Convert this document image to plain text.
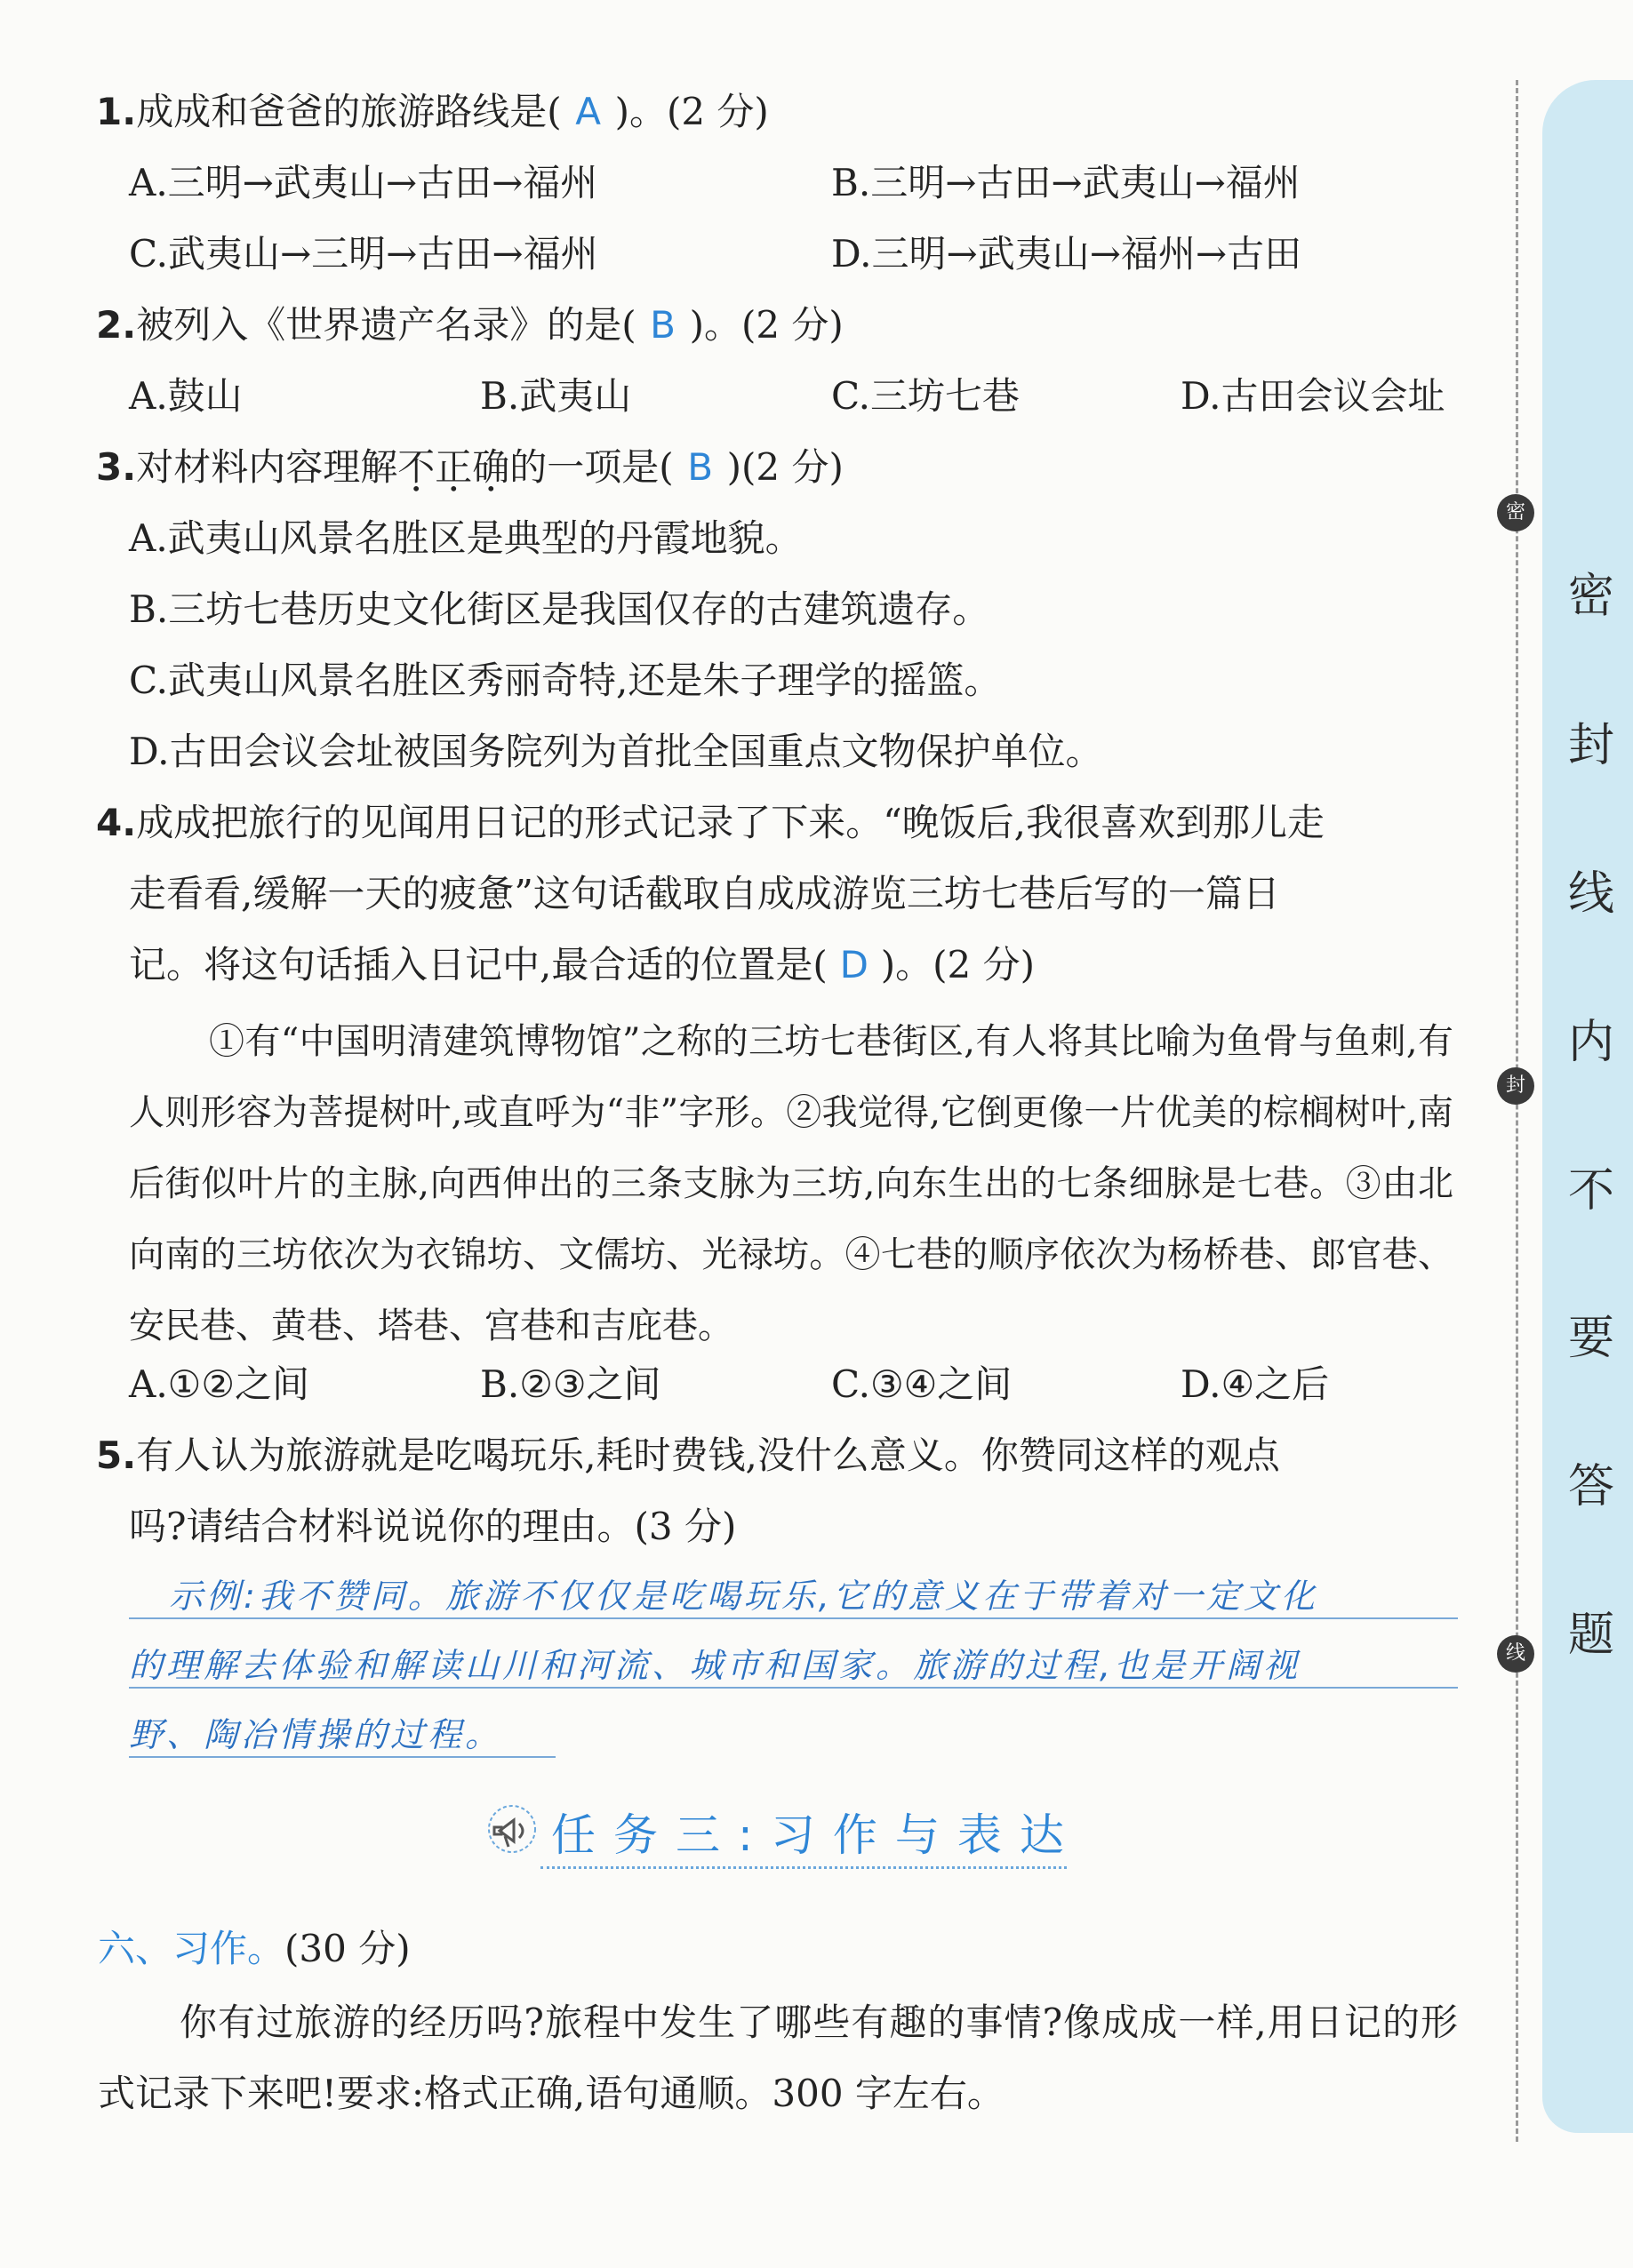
1.成成和爸爸的旅游路线是( A )。(2 分)
A.三明→武夷山→古田→福州	B.三明→古田→武夷山→福州
C.武夷山→三明→古田→福州	D.三明→武夷山→福州→古田
2.被列入《世界遗产名录》的是( B )。(2 分)
A.鼓山	B.武夷山	C.三坊七巷	D.古田会议会址
3.对材料内容理解不正确的一项是( B )(2 分)
A.武夷山风景名胜区是典型的丹霞地貌。
B.三坊七巷历史文化街区是我国仅存的古建筑遗存。
C.武夷山风景名胜区秀丽奇特,还是朱子理学的摇篮。
D.古田会议会址被国务院列为首批全国重点文物保护单位。
4.成成把旅行的见闻用日记的形式记录了下来。“晚饭后,我很喜欢到那儿走
走看看,缓解一天的疲惫”这句话截取自成成游览三坊七巷后写的一篇日
记。将这句话插入日记中,最合适的位置是( D )。(2 分)
①有“中国明清建筑博物馆”之称的三坊七巷街区,有人将其比喻为鱼骨与鱼刺,有人则形容为菩提树叶,或直呼为“非”字形。②我觉得,它倒更像一片优美的棕榈树叶,南后街似叶片的主脉,向西伸出的三条支脉为三坊,向东生出的七条细脉是七巷。③由北向南的三坊依次为衣锦坊、文儒坊、光禄坊。④七巷的顺序依次为杨桥巷、郎官巷、安民巷、黄巷、塔巷、宫巷和吉庇巷。
A.①②之间	B.②③之间	C.③④之间	D.④之后
5.有人认为旅游就是吃喝玩乐,耗时费钱,没什么意义。你赞同这样的观点
吗?请结合材料说说你的理由。(3 分)
示例:我不赞同。旅游不仅仅是吃喝玩乐,它的意义在于带着对一定文化
的理解去体验和解读山川和河流、城市和国家。旅游的过程,也是开阔视
野、陶冶情操的过程。
任务三:习作与表达
六、习作。(30 分)
你有过旅游的经历吗?旅程中发生了哪些有趣的事情?像成成一样,用日记的形式记录下来吧!要求:格式正确,语句通顺。300 字左右。
密
封
线
密
封
线
内
不
要
答
题
